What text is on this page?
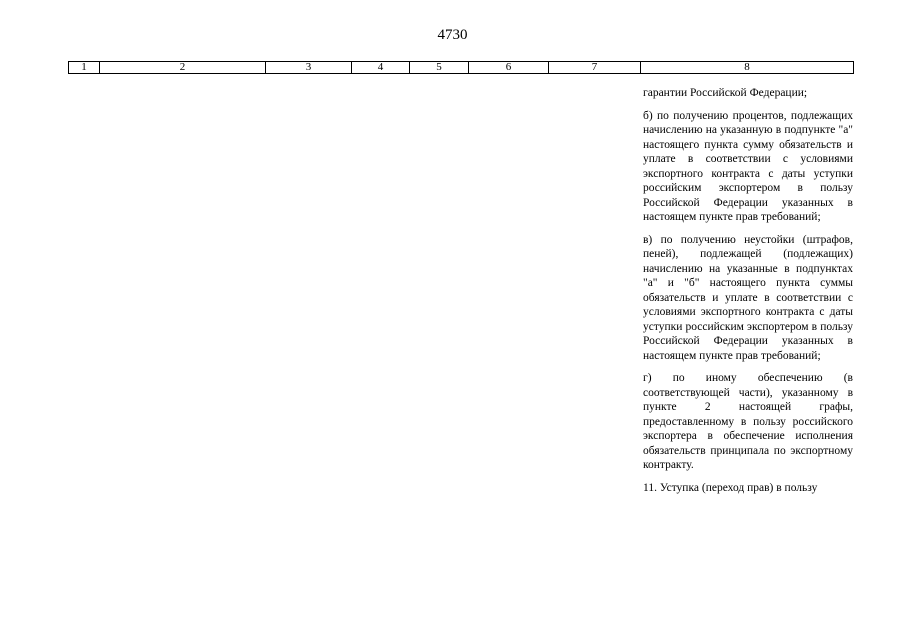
4730
1	2	3	4	5	6	7	8

гарантии Российской Федерации;

б) по получению процентов, подлежащих начислению на указанную в подпункте "а" настоящего пункта сумму обязательств и уплате в соответствии с условиями экспортного контракта с даты уступки российским экспортером в пользу Российской Федерации указанных в настоящем пункте прав требований;

в) по получению неустойки (штрафов, пеней), подлежащей (подлежащих) начислению на указанные в подпунктах "а" и "б" настоящего пункта суммы обязательств и уплате в соответствии с условиями экспортного контракта с даты уступки российским экспортером в пользу Российской Федерации указанных в настоящем пункте прав требований;

г) по иному обеспечению (в соответствующей части), указанному в пункте 2 настоящей графы, предоставленному в пользу российского экспортера в обеспечение исполнения обязательств принципала по экспортному контракту.

11. Уступка (переход прав) в пользу
